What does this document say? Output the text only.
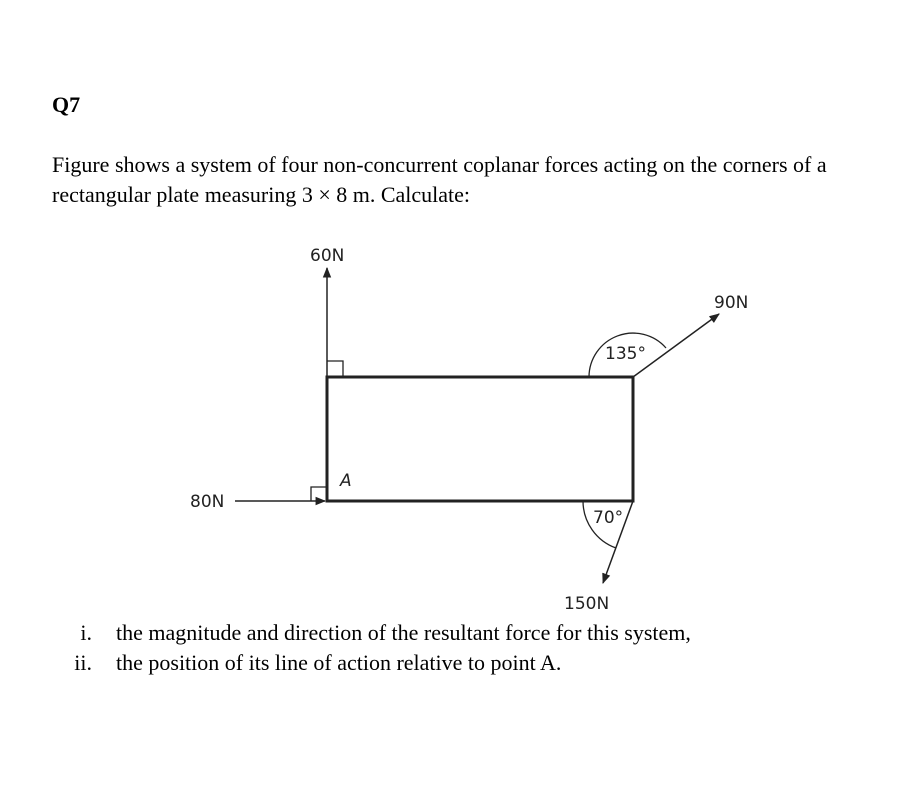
Q7
Figure shows a system of four non-concurrent coplanar forces acting on the corners of a rectangular plate measuring 3 × 8 m. Calculate:
60N
90N
80N
150N
135°
70°
A
i.	the magnitude and direction of the resultant force for this system,
ii.	the position of its line of action relative to point A.
